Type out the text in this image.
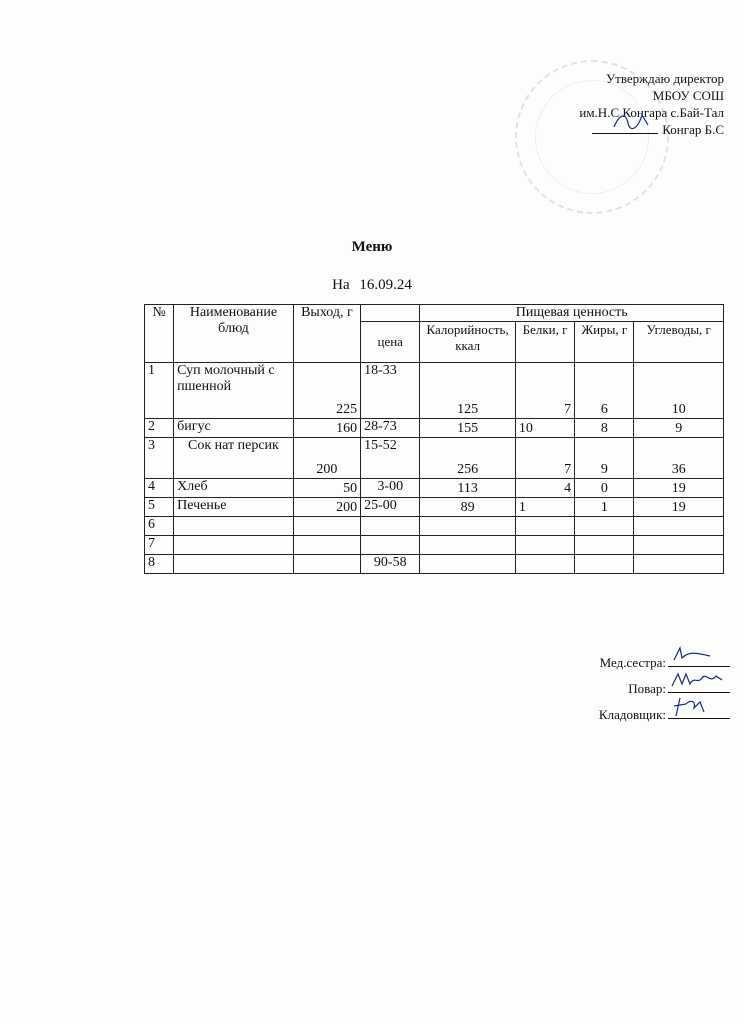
Утверждаю директор
МБОУ СОШ
им.Н.С Конгара с.Бай-Тал
Конгар Б.С
Меню
На 16.09.24
№	Наименование блюд	Выход, г		Пищевая ценность			
			цена	Калорийность, ккал	Белки, г	Жиры, г	Углеводы, г
1	Суп молочный с пшенной	225	18-33	125	7	6	10
2	бигус	160	28-73	155	10	8	9
3	Сок нат персик	200	15-52	256	7	9	36
4	Хлеб	50	3-00	113	4	0	19
5	Печенье	200	25-00	89	1	1	19
6							
7							
8			90-58				
Мед.сестра:
Повар:
Кладовщик:
